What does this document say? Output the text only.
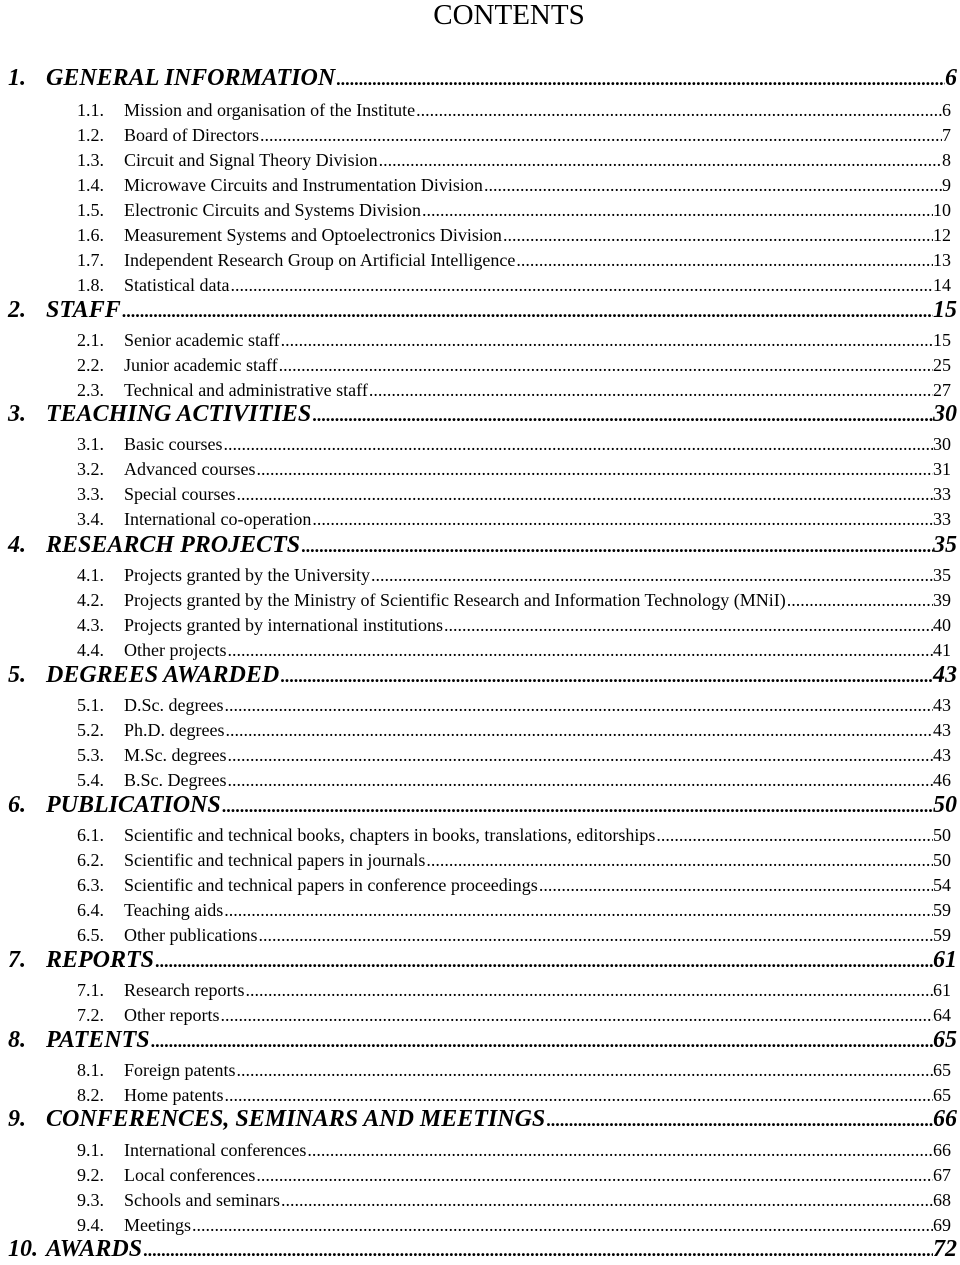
CONTENTS
1. GENERAL INFORMATION .....	6
1.1.	Mission and organisation of the Institute .....	6
1.2.	Board of Directors .....	7
1.3.	Circuit and Signal Theory Division .....	8
1.4.	Microwave Circuits and Instrumentation Division .....	9
1.5.	Electronic Circuits and Systems Division .....	10
1.6.	Measurement Systems and Optoelectronics Division .....	12
1.7.	Independent Research Group on Artificial Intelligence .....	13
1.8.	Statistical data .....	14
2. STAFF .....	15
2.1.	Senior academic staff .....	15
2.2.	Junior academic staff .....	25
2.3.	Technical and administrative staff .....	27
3. TEACHING ACTIVITIES .....	30
3.1.	Basic courses .....	30
3.2.	Advanced courses .....	31
3.3.	Special courses .....	33
3.4.	International co-operation .....	33
4. RESEARCH PROJECTS .....	35
4.1.	Projects granted by the University .....	35
4.2.	Projects granted by the Ministry of Scientific Research and Information Technology (MNiI) .....	39
4.3.	Projects granted by international institutions .....	40
4.4.	Other projects .....	41
5. DEGREES AWARDED .....	43
5.1.	D.Sc. degrees .....	43
5.2.	Ph.D. degrees .....	43
5.3.	M.Sc. degrees .....	43
5.4.	B.Sc. Degrees .....	46
6. PUBLICATIONS .....	50
6.1.	Scientific and technical books, chapters in books, translations, editorships .....	50
6.2.	Scientific and technical papers in journals .....	50
6.3.	Scientific and technical papers in conference proceedings .....	54
6.4.	Teaching aids .....	59
6.5.	Other publications .....	59
7. REPORTS .....	61
7.1.	Research reports .....	61
7.2.	Other reports .....	64
8. PATENTS .....	65
8.1.	Foreign patents .....	65
8.2.	Home patents .....	65
9. CONFERENCES, SEMINARS AND MEETINGS .....	66
9.1.	International conferences .....	66
9.2.	Local conferences .....	67
9.3.	Schools and seminars .....	68
9.4.	Meetings .....	69
10. AWARDS .....	72
